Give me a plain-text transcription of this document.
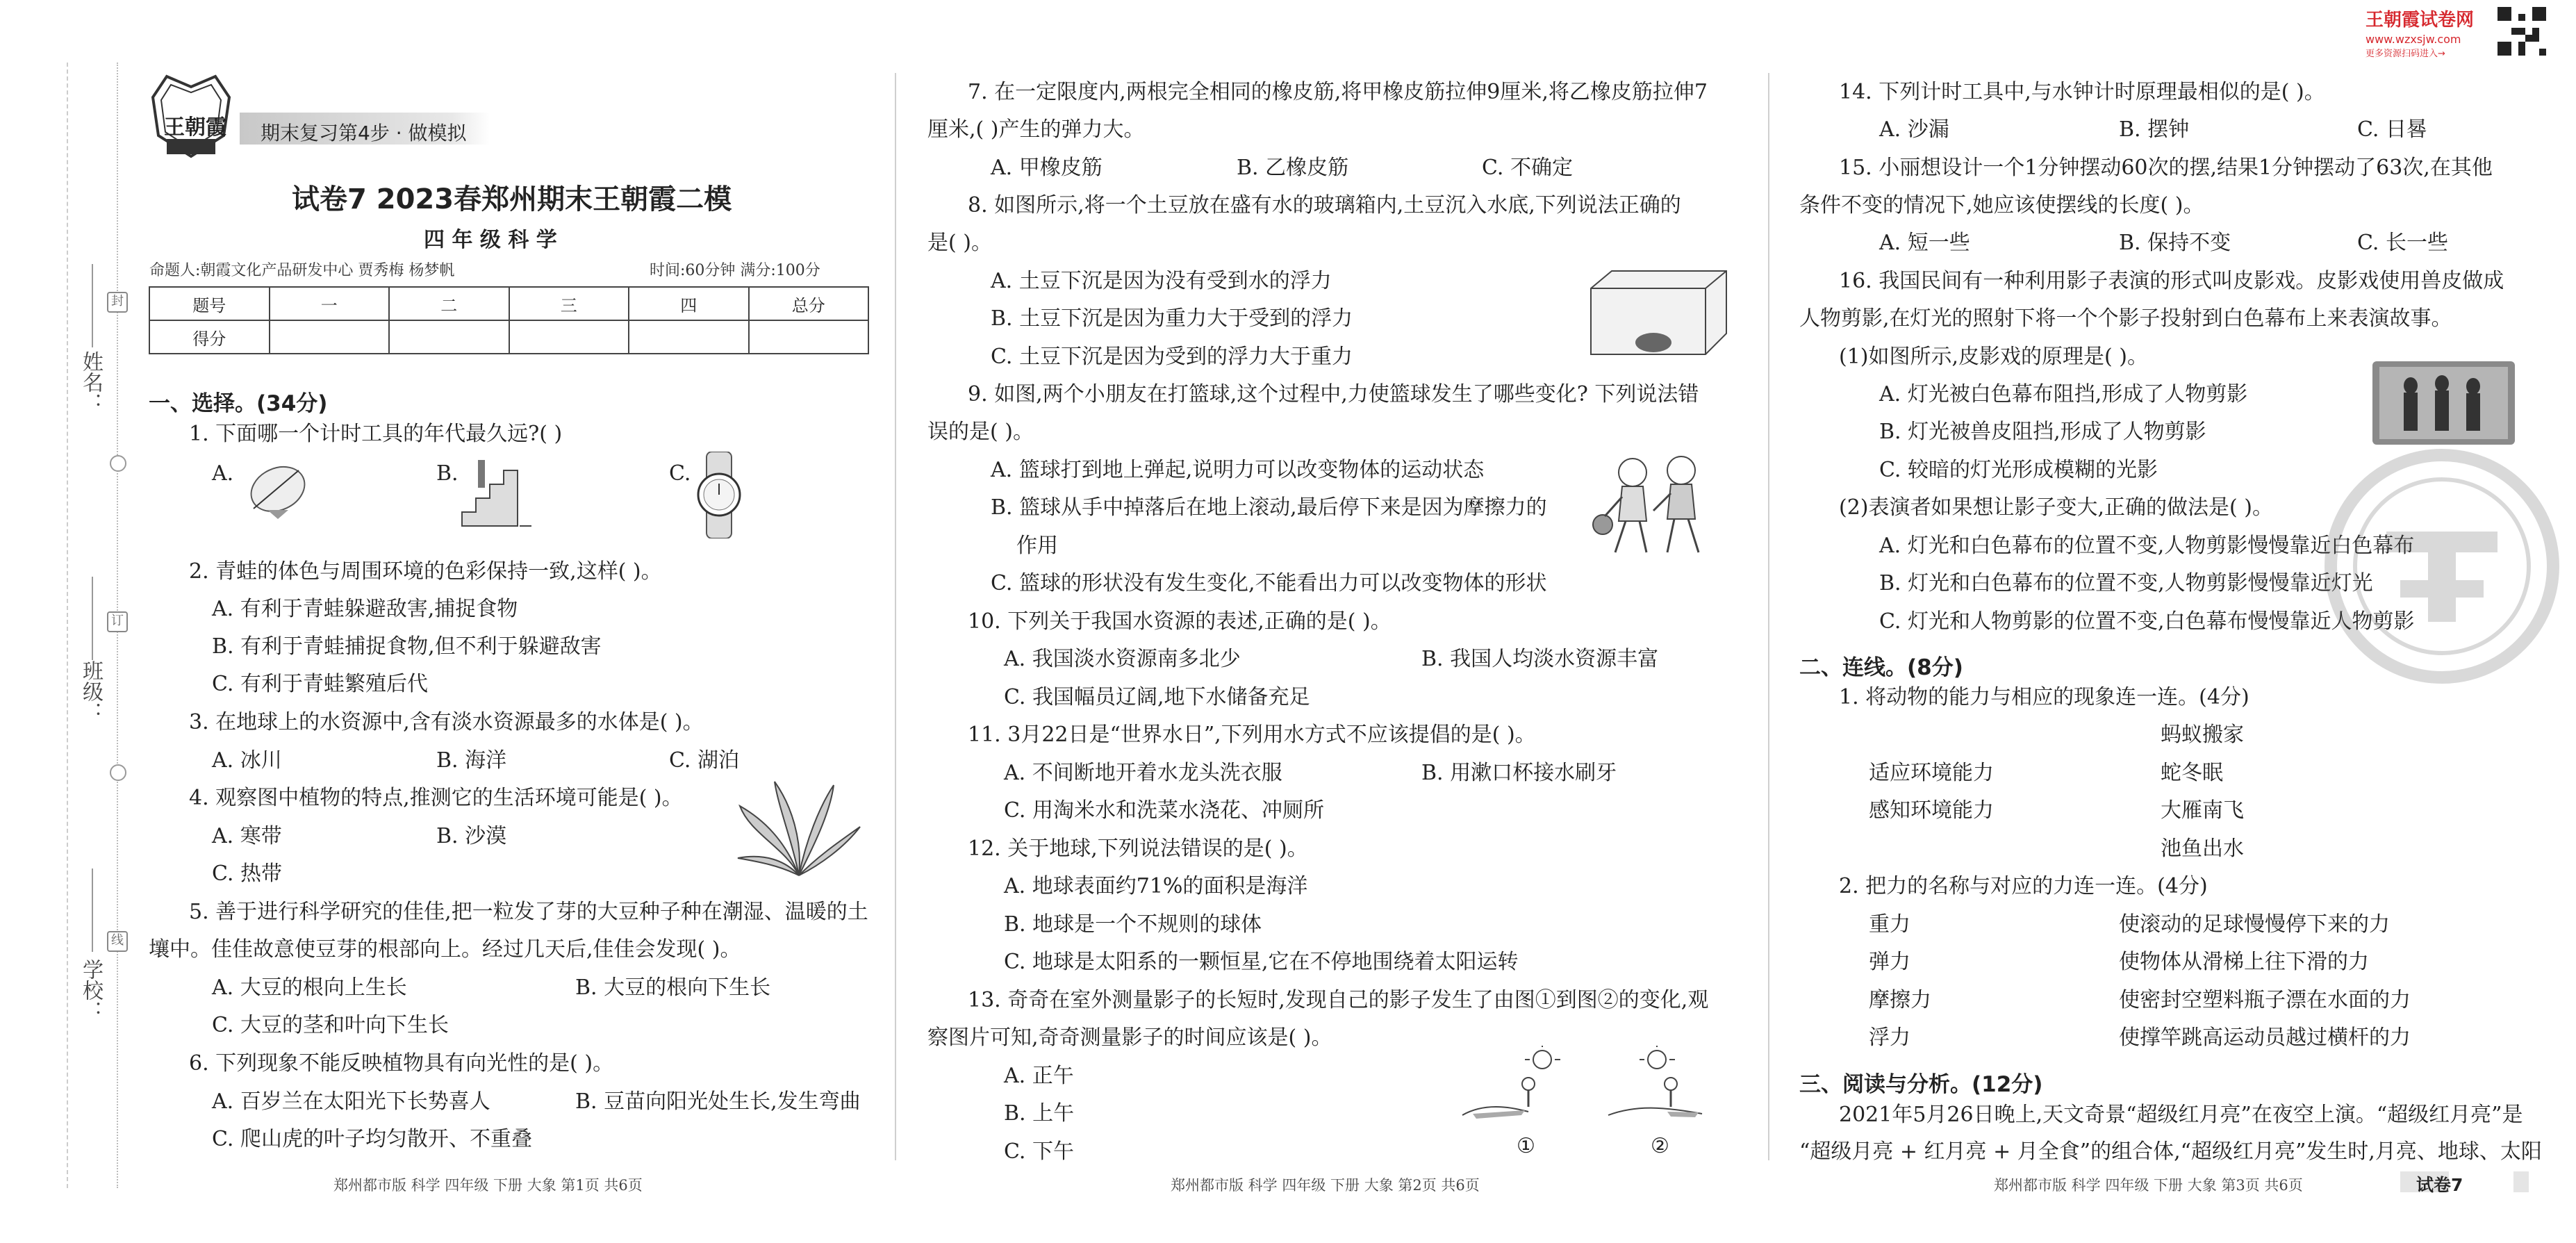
姓名：
班级：
学校：
封
订
线
王朝霞 期末复习第4步 · 做模拟
试卷7 2023春郑州期末王朝霞二模
四 年 级 科 学
命题人:朝霞文化产品研发中心 贾秀梅 杨梦帆	时间:60分钟 满分:100分
题号	一	二	三	四	总分
得分					
一、选择。(34分)
1. 下面哪一个计时工具的年代最久远?( )
A.	B.	C.
2. 青蛙的体色与周围环境的色彩保持一致,这样( )。
A. 有利于青蛙躲避敌害,捕捉食物
B. 有利于青蛙捕捉食物,但不利于躲避敌害
C. 有利于青蛙繁殖后代
3. 在地球上的水资源中,含有淡水资源最多的水体是( )。
A. 冰川	B. 海洋	C. 湖泊
4. 观察图中植物的特点,推测它的生活环境可能是( )。
A. 寒带	B. 沙漠
C. 热带
5. 善于进行科学研究的佳佳,把一粒发了芽的大豆种子种在潮湿、温暖的土
壤中。佳佳故意使豆芽的根部向上。经过几天后,佳佳会发现( )。
A. 大豆的根向上生长	B. 大豆的根向下生长
C. 大豆的茎和叶向下生长
6. 下列现象不能反映植物具有向光性的是( )。
A. 百岁兰在太阳光下长势喜人	B. 豆苗向阳光处生长,发生弯曲
C. 爬山虎的叶子均匀散开、不重叠
郑州都市版 科学 四年级 下册 大象 第1页 共6页
7. 在一定限度内,两根完全相同的橡皮筋,将甲橡皮筋拉伸9厘米,将乙橡皮筋拉伸7
厘米,( )产生的弹力大。
A. 甲橡皮筋	B. 乙橡皮筋	C. 不确定
8. 如图所示,将一个土豆放在盛有水的玻璃箱内,土豆沉入水底,下列说法正确的
是( )。
A. 土豆下沉是因为没有受到水的浮力
B. 土豆下沉是因为重力大于受到的浮力
C. 土豆下沉是因为受到的浮力大于重力
9. 如图,两个小朋友在打篮球,这个过程中,力使篮球发生了哪些变化? 下列说法错
误的是( )。
A. 篮球打到地上弹起,说明力可以改变物体的运动状态
B. 篮球从手中掉落后在地上滚动,最后停下来是因为摩擦力的
作用
C. 篮球的形状没有发生变化,不能看出力可以改变物体的形状
10. 下列关于我国水资源的表述,正确的是( )。
A. 我国淡水资源南多北少	B. 我国人均淡水资源丰富
C. 我国幅员辽阔,地下水储备充足
11. 3月22日是“世界水日”,下列用水方式不应该提倡的是( )。
A. 不间断地开着水龙头洗衣服	B. 用漱口杯接水刷牙
C. 用淘米水和洗菜水浇花、冲厕所
12. 关于地球,下列说法错误的是( )。
A. 地球表面约71%的面积是海洋
B. 地球是一个不规则的球体
C. 地球是太阳系的一颗恒星,它在不停地围绕着太阳运转
13. 奇奇在室外测量影子的长短时,发现自己的影子发生了由图①到图②的变化,观
察图片可知,奇奇测量影子的时间应该是( )。
A. 正午
B. 上午
C. 下午	①	②
郑州都市版 科学 四年级 下册 大象 第2页 共6页
王朝霞试卷网
www.wzxsjw.com
更多资源扫码进入→
14. 下列计时工具中,与水钟计时原理最相似的是( )。
A. 沙漏	B. 摆钟	C. 日晷
15. 小丽想设计一个1分钟摆动60次的摆,结果1分钟摆动了63次,在其他
条件不变的情况下,她应该使摆线的长度( )。
A. 短一些	B. 保持不变	C. 长一些
16. 我国民间有一种利用影子表演的形式叫皮影戏。皮影戏使用兽皮做成
人物剪影,在灯光的照射下将一个个影子投射到白色幕布上来表演故事。
(1)如图所示,皮影戏的原理是( )。
A. 灯光被白色幕布阻挡,形成了人物剪影
B. 灯光被兽皮阻挡,形成了人物剪影
C. 较暗的灯光形成模糊的光影
(2)表演者如果想让影子变大,正确的做法是( )。
A. 灯光和白色幕布的位置不变,人物剪影慢慢靠近白色幕布
B. 灯光和白色幕布的位置不变,人物剪影慢慢靠近灯光
C. 灯光和人物剪影的位置不变,白色幕布慢慢靠近人物剪影
二、连线。(8分)
1. 将动物的能力与相应的现象连一连。(4分)
蚂蚁搬家
适应环境能力	蛇冬眠
感知环境能力	大雁南飞
池鱼出水
2. 把力的名称与对应的力连一连。(4分)
重力	使滚动的足球慢慢停下来的力
弹力	使物体从滑梯上往下滑的力
摩擦力	使密封空塑料瓶子漂在水面的力
浮力	使撑竿跳高运动员越过横杆的力
三、阅读与分析。(12分)
2021年5月26日晚上,天文奇景“超级红月亮”在夜空上演。“超级红月亮”是
“超级月亮 + 红月亮 + 月全食”的组合体,“超级红月亮”发生时,月亮、地球、太阳
郑州都市版 科学 四年级 下册 大象 第3页 共6页	试卷7
